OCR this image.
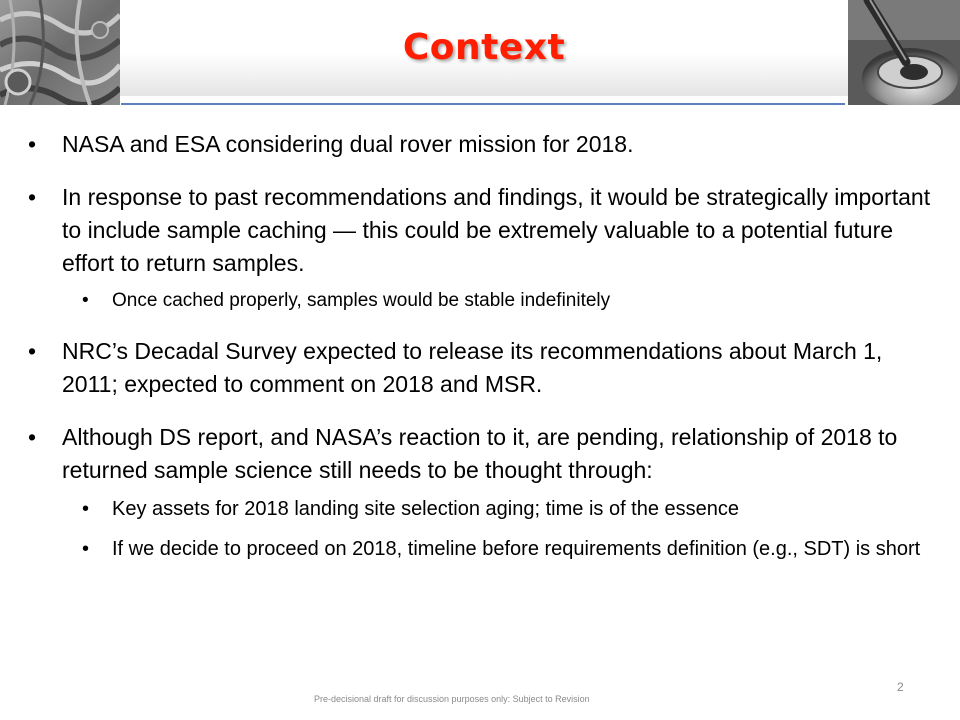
Context
• NASA and ESA considering dual rover mission for 2018.
• In response to past recommendations and findings, it would be strategically important to include sample caching — this could be extremely valuable to a potential future effort to return samples.
• Once cached properly, samples would be stable indefinitely
• NRC’s Decadal Survey expected to release its recommendations about March 1, 2011; expected to comment on 2018 and MSR.
• Although DS report, and NASA’s reaction to it, are pending, relationship of 2018 to returned sample science still needs to be thought through:
• Key assets for 2018 landing site selection aging; time is of the essence
• If we decide to proceed on 2018, timeline before requirements definition (e.g., SDT) is short
Pre-decisional draft for discussion purposes only: Subject to Revision
2
